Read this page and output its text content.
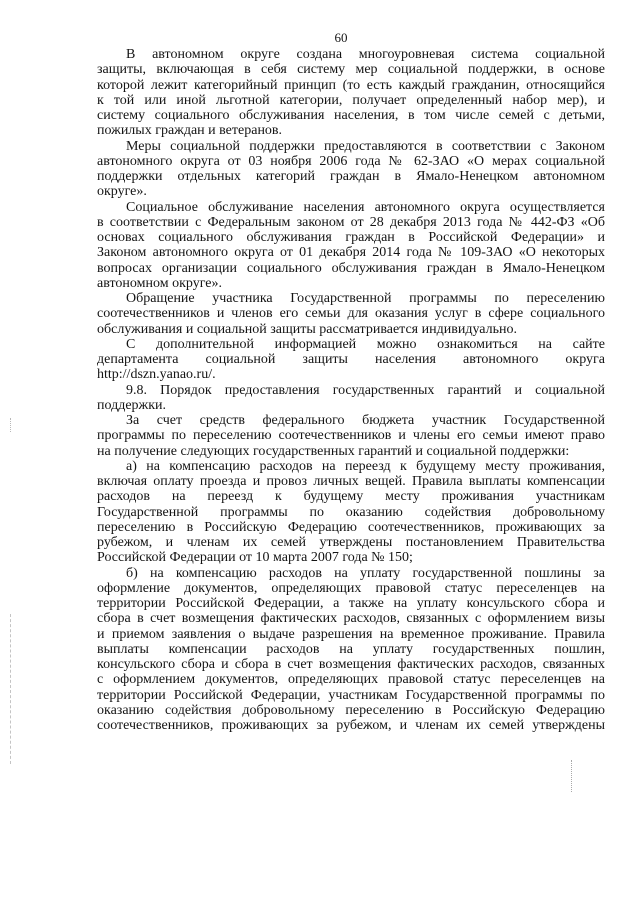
60
В автономном округе создана многоуровневая система социальной
защиты, включающая в себя систему мер социальной поддержки, в основе
которой лежит категорийный принцип (то есть каждый гражданин, относящийся
к той или иной льготной категории, получает определенный набор мер), и
систему социального обслуживания населения, в том числе семей с детьми,
пожилых граждан и ветеранов.
Меры социальной поддержки предоставляются в соответствии с Законом
автономного округа от 03 ноября 2006 года № 62-ЗАО «О мерах социальной
поддержки отдельных категорий граждан в Ямало-Ненецком автономном
округе».
Социальное обслуживание населения автономного округа осуществляется
в соответствии с Федеральным законом от 28 декабря 2013 года № 442-ФЗ «Об
основах социального обслуживания граждан в Российской Федерации» и
Законом автономного округа от 01 декабря 2014 года № 109-ЗАО «О некоторых
вопросах организации социального обслуживания граждан в Ямало-Ненецком
автономном округе».
Обращение участника Государственной программы по переселению
соотечественников и членов его семьи для оказания услуг в сфере социального
обслуживания и социальной защиты рассматривается индивидуально.
С дополнительной информацией можно ознакомиться на сайте
департамента социальной защиты населения автономного округа
http://dszn.yanao.ru/.
9.8. Порядок предоставления государственных гарантий и социальной
поддержки.
За счет средств федерального бюджета участник Государственной
программы по переселению соотечественников и члены его семьи имеют право
на получение следующих государственных гарантий и социальной поддержки:
а) на компенсацию расходов на переезд к будущему месту проживания,
включая оплату проезда и провоз личных вещей. Правила выплаты компенсации
расходов на переезд к будущему месту проживания участникам
Государственной программы по оказанию содействия добровольному
переселению в Российскую Федерацию соотечественников, проживающих за
рубежом, и членам их семей утверждены постановлением Правительства
Российской Федерации от 10 марта 2007 года № 150;
б) на компенсацию расходов на уплату государственной пошлины за
оформление документов, определяющих правовой статус переселенцев на
территории Российской Федерации, а также на уплату консульского сбора и
сбора в счет возмещения фактических расходов, связанных с оформлением визы
и приемом заявления о выдаче разрешения на временное проживание. Правила
выплаты компенсации расходов на уплату государственных пошлин,
консульского сбора и сбора в счет возмещения фактических расходов, связанных
с оформлением документов, определяющих правовой статус переселенцев на
территории Российской Федерации, участникам Государственной программы по
оказанию содействия добровольному переселению в Российскую Федерацию
соотечественников, проживающих за рубежом, и членам их семей утверждены
